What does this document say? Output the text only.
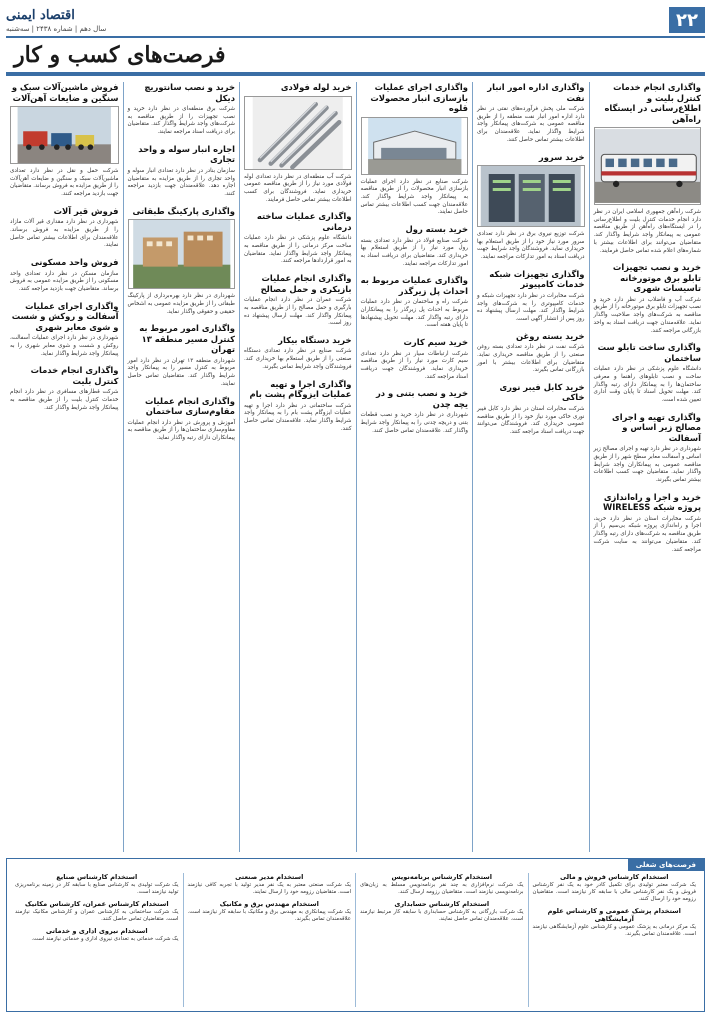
۲۲
اقتصاد ایمنی
سال دهم | شماره ۲۴۳۸ | سه‌شنبه
فرصت‌های کسب و کار
واگذاری انجام خدمات کنترل بلیت و اطلاع‌رسانی در ایستگاه راه‌آهن

شرکت راه‌آهن جمهوری اسلامی ایران در نظر دارد انجام خدمات کنترل بلیت و اطلاع‌رسانی را در ایستگاه‌های راه‌آهن از طریق مناقصه عمومی به پیمانکار واجد شرایط واگذار کند. متقاضیان می‌توانند برای اطلاعات بیشتر با شماره‌های اعلام شده تماس حاصل فرمایند.

خرید و نصب تجهیزات تابلو برق موتورخانه تاسیسات شهری

شرکت آب و فاضلاب در نظر دارد خرید و نصب تجهیزات تابلو برق موتورخانه را از طریق مناقصه به شرکت‌های واجد صلاحیت واگذار نماید. علاقه‌مندان جهت دریافت اسناد به واحد بازرگانی مراجعه کنند.

واگذاری ساخت تابلو ست ساختمان

دانشگاه علوم پزشکی در نظر دارد عملیات ساخت و نصب تابلوهای راهنما و معرفی ساختمان‌ها را به پیمانکار دارای رتبه واگذار کند. مهلت تحویل اسناد تا پایان وقت اداری تعیین شده است.

واگذاری تهیه و اجرای مصالح زیر اساس و آسفالت

شهرداری در نظر دارد تهیه و اجرای مصالح زیر اساس و آسفالت معابر سطح شهر را از طریق مناقصه عمومی به پیمانکاران واجد شرایط واگذار نماید. متقاضیان جهت کسب اطلاعات بیشتر تماس بگیرند.

خرید و اجرا و راه‌اندازی پروژه شبکه WIRELESS

شرکت مخابرات استان در نظر دارد خرید، اجرا و راه‌اندازی پروژه شبکه بی‌سیم را از طریق مناقصه به شرکت‌های دارای رتبه واگذار کند. متقاضیان می‌توانند به سایت شرکت مراجعه کنند.

واگذاری اداره امور انبار نفت

شرکت ملی پخش فرآورده‌های نفتی در نظر دارد اداره امور انبار نفت منطقه را از طریق مناقصه عمومی به شرکت‌های پیمانکار واجد شرایط واگذار نماید. علاقه‌مندان برای اطلاعات بیشتر تماس حاصل کنند.

خرید سرور

شرکت توزیع نیروی برق در نظر دارد تعدادی سرور مورد نیاز خود را از طریق استعلام بها خریداری نماید. فروشندگان واجد شرایط جهت دریافت اسناد به امور تدارکات مراجعه نمایند.

واگذاری تجهیزات شبکه خدمات کامپیوتر

شرکت مخابرات در نظر دارد تجهیزات شبکه و خدمات کامپیوتری را به شرکت‌های واجد شرایط واگذار کند. مهلت ارسال پیشنهاد ده روز پس از انتشار آگهی است.

خرید بسته روغن

شرکت نفت در نظر دارد تعدادی بسته روغن صنعتی را از طریق مناقصه خریداری نماید. متقاضیان برای اطلاعات بیشتر با امور بازرگانی تماس بگیرند.

خرید کابل فیبر نوری خاکی

شرکت مخابرات استان در نظر دارد کابل فیبر نوری خاکی مورد نیاز خود را از طریق مناقصه عمومی خریداری کند. فروشندگان می‌توانند جهت دریافت اسناد مراجعه کنند.

واگذاری اجرای عملیات بازسازی انبار محصولات قلوه

شرکت صنایع در نظر دارد اجرای عملیات بازسازی انبار محصولات را از طریق مناقصه به پیمانکار واجد شرایط واگذار کند. علاقه‌مندان جهت کسب اطلاعات بیشتر تماس حاصل نمایند.

خرید بسته رول

شرکت صنایع فولاد در نظر دارد تعدادی بسته رول مورد نیاز را از طریق استعلام بها خریداری کند. متقاضیان برای دریافت اسناد به امور تدارکات مراجعه نمایند.

واگذاری عملیات مربوط به احداث پل زیرگذر

شرکت راه و ساختمان در نظر دارد عملیات مربوط به احداث پل زیرگذر را به پیمانکاران دارای رتبه واگذار کند. مهلت تحویل پیشنهادها تا پایان هفته است.

خرید سیم کارت

شرکت ارتباطات سیار در نظر دارد تعدادی سیم کارت مورد نیاز را از طریق مناقصه خریداری نماید. فروشندگان جهت دریافت اسناد مراجعه کنند.

خرید و نصب بتنی و در یچه چدن

شهرداری در نظر دارد خرید و نصب قطعات بتنی و دریچه چدنی را به پیمانکار واجد شرایط واگذار کند. علاقه‌مندان تماس حاصل کنند.

خرید لوله فولادی

شرکت آب منطقه‌ای در نظر دارد تعدادی لوله فولادی مورد نیاز را از طریق مناقصه عمومی خریداری نماید. فروشندگان برای کسب اطلاعات بیشتر تماس حاصل فرمایند.

واگذاری عملیات ساخته درمانی

دانشگاه علوم پزشکی در نظر دارد عملیات ساخت مرکز درمانی را از طریق مناقصه به پیمانکار واجد شرایط واگذار نماید. متقاضیان به امور قراردادها مراجعه کنند.

واگذاری انجام عملیات بازیکری و حمل مصالح

شرکت عمران در نظر دارد انجام عملیات بارگیری و حمل مصالح را از طریق مناقصه به پیمانکار واگذار کند. مهلت ارسال پیشنهاد ده روز است.

خرید دستگاه بیکار

شرکت صنایع در نظر دارد تعدادی دستگاه صنعتی را از طریق استعلام بها خریداری کند. فروشندگان واجد شرایط تماس بگیرند.

واگذاری اجرا و تهیه عملیات ایزوگام پشت بام

شرکت ساختمانی در نظر دارد اجرا و تهیه عملیات ایزوگام پشت بام را به پیمانکار واجد شرایط واگذار نماید. علاقه‌مندان تماس حاصل کنند.

خرید و نصب سانتوریچ دیکل

شرکت برق منطقه‌ای در نظر دارد خرید و نصب تجهیزات را از طریق مناقصه به شرکت‌های واجد شرایط واگذار کند. متقاضیان برای دریافت اسناد مراجعه نمایند.

اجاره انبار سوله و واحد تجاری

سازمان بنادر در نظر دارد تعدادی انبار سوله و واحد تجاری را از طریق مزایده به متقاضیان اجاره دهد. علاقه‌مندان جهت بازدید مراجعه کنند.

واگذاری پارکینگ طبقاتی

شهرداری در نظر دارد بهره‌برداری از پارکینگ طبقاتی را از طریق مزایده عمومی به اشخاص حقیقی و حقوقی واگذار نماید.

واگذاری امور مربوط به کنترل مسیر منطقه ۱۳ تهران

شهرداری منطقه ۱۳ تهران در نظر دارد امور مربوط به کنترل مسیر را به پیمانکار واجد شرایط واگذار کند. متقاضیان تماس حاصل نمایند.

واگذاری انجام عملیات مقاوم‌سازی ساختمان

آموزش و پرورش در نظر دارد انجام عملیات مقاوم‌سازی ساختمان‌ها را از طریق مناقصه به پیمانکاران دارای رتبه واگذار نماید.

فروش ماشین‌آلات سبک و سنگین و ضایعات آهن‌آلات

شرکت حمل و نقل در نظر دارد تعدادی ماشین‌آلات سبک و سنگین و ضایعات آهن‌آلات را از طریق مزایده به فروش برساند. متقاضیان جهت بازدید مراجعه کنند.

فروش قیر آلات

شهرداری در نظر دارد مقداری قیر آلات مازاد را از طریق مزایده به فروش برساند. علاقه‌مندان برای اطلاعات بیشتر تماس حاصل نمایند.

فروش واحد مسکونی

سازمان مسکن در نظر دارد تعدادی واحد مسکونی را از طریق مزایده عمومی به فروش برساند. متقاضیان جهت بازدید مراجعه کنند.

واگذاری اجرای عملیات آسفالت و روکش و شست و شوی معابر شهری

شهرداری در نظر دارد اجرای عملیات آسفالت، روکش و شست و شوی معابر شهری را به پیمانکار واجد شرایط واگذار نماید.

واگذاری انجام خدمات کنترل بلیت

شرکت قطارهای مسافری در نظر دارد انجام خدمات کنترل بلیت را از طریق مناقصه به پیمانکار واجد شرایط واگذار کند.

فرصت‌های شغلی
استخدام کارشناس فروش و مالی

یک شرکت معتبر تولیدی برای تکمیل کادر خود به یک نفر کارشناس فروش و یک نفر کارشناس مالی با سابقه کار نیازمند است. متقاضیان رزومه خود را ارسال کنند.

استخدام پزشک عمومی و کارشناس علوم آزمایشگاهی

یک مرکز درمانی به پزشک عمومی و کارشناس علوم آزمایشگاهی نیازمند است. علاقه‌مندان تماس بگیرند.

استخدام کارشناس برنامه‌نویس

یک شرکت نرم‌افزاری به چند نفر برنامه‌نویس مسلط به زبان‌های برنامه‌نویسی نیازمند است. متقاضیان رزومه ارسال کنند.

استخدام کارشناس حسابداری

یک شرکت بازرگانی به کارشناس حسابداری با سابقه کار مرتبط نیازمند است. علاقه‌مندان تماس حاصل نمایند.

استخدام مدیر صنعتی

یک شرکت صنعتی معتبر به یک نفر مدیر تولید با تجربه کافی نیازمند است. متقاضیان رزومه خود را ارسال نمایند.

استخدام مهندس برق و مکانیک

یک شرکت پیمانکاری به مهندس برق و مکانیک با سابقه کار نیازمند است. علاقه‌مندان تماس بگیرند.

استخدام کارشناس صنایع

یک شرکت تولیدی به کارشناس صنایع با سابقه کار در زمینه برنامه‌ریزی تولید نیازمند است.

استخدام کارشناس عمران، کارشناس مکانیک

یک شرکت ساختمانی به کارشناس عمران و کارشناس مکانیک نیازمند است. متقاضیان تماس حاصل کنند.

استخدام نیروی اداری و خدماتی

یک شرکت خدماتی به تعدادی نیروی اداری و خدماتی نیازمند است.
